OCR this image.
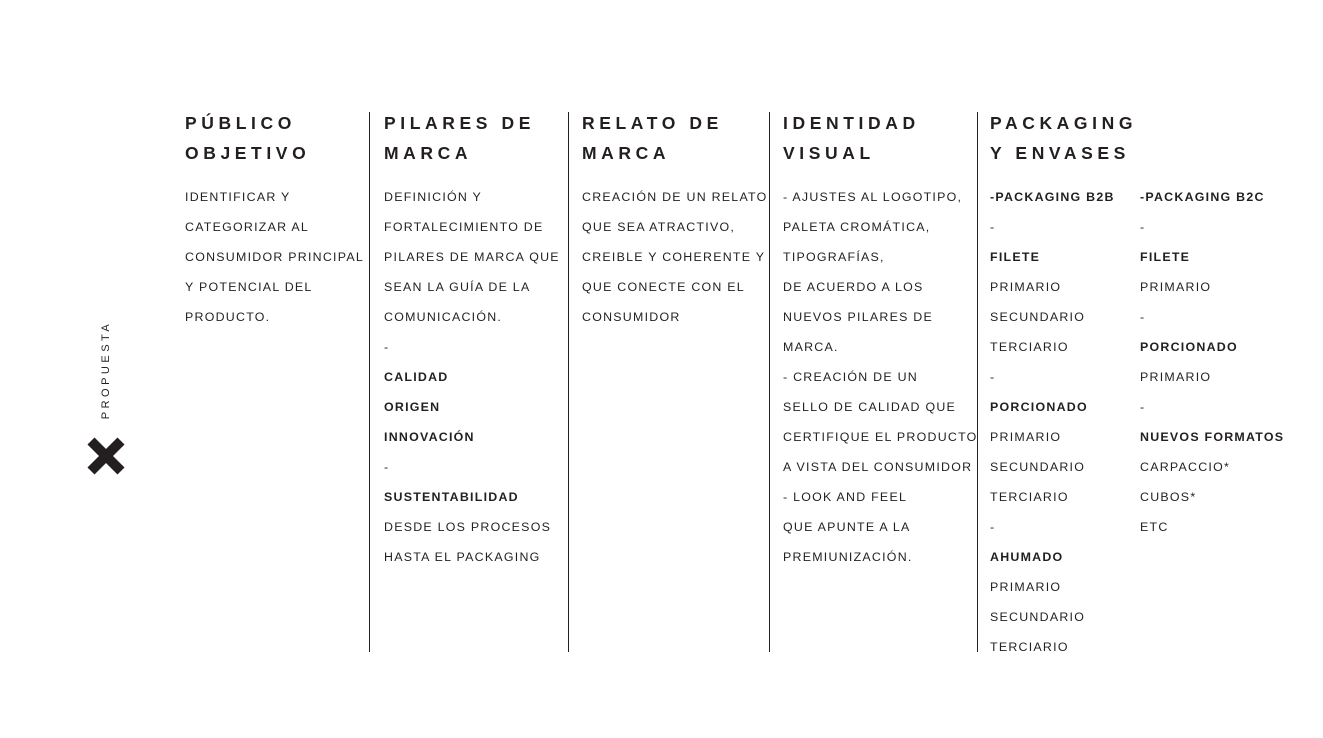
PROPUESTA
PÚBLICO
OBJETIVO
IDENTIFICAR Y
CATEGORIZAR AL
CONSUMIDOR PRINCIPAL
Y POTENCIAL DEL
PRODUCTO.
PILARES DE
MARCA
DEFINICIÓN Y
FORTALECIMIENTO DE
PILARES DE MARCA QUE
SEAN LA GUÍA DE LA
COMUNICACIÓN.
-
CALIDAD
ORIGEN
INNOVACIÓN
-
SUSTENTABILIDAD
DESDE LOS PROCESOS
HASTA EL PACKAGING
RELATO DE
MARCA
CREACIÓN DE UN RELATO
QUE SEA ATRACTIVO,
CREIBLE Y COHERENTE Y
QUE CONECTE CON EL
CONSUMIDOR
IDENTIDAD
VISUAL
- AJUSTES AL LOGOTIPO,
PALETA CROMÁTICA,
TIPOGRAFÍAS,
DE ACUERDO A LOS
NUEVOS PILARES DE
MARCA.
- CREACIÓN DE UN
SELLO DE CALIDAD QUE
CERTIFIQUE EL PRODUCTO
A VISTA DEL CONSUMIDOR
- LOOK AND FEEL
QUE APUNTE A LA
PREMIUNIZACIÓN.
PACKAGING
Y ENVASES
-PACKAGING B2B
-
FILETE
PRIMARIO
SECUNDARIO
TERCIARIO
-
PORCIONADO
PRIMARIO
SECUNDARIO
TERCIARIO
-
AHUMADO
PRIMARIO
SECUNDARIO
TERCIARIO
-PACKAGING B2C
-
FILETE
PRIMARIO
-
PORCIONADO
PRIMARIO
-
NUEVOS FORMATOS
CARPACCIO*
CUBOS*
ETC
